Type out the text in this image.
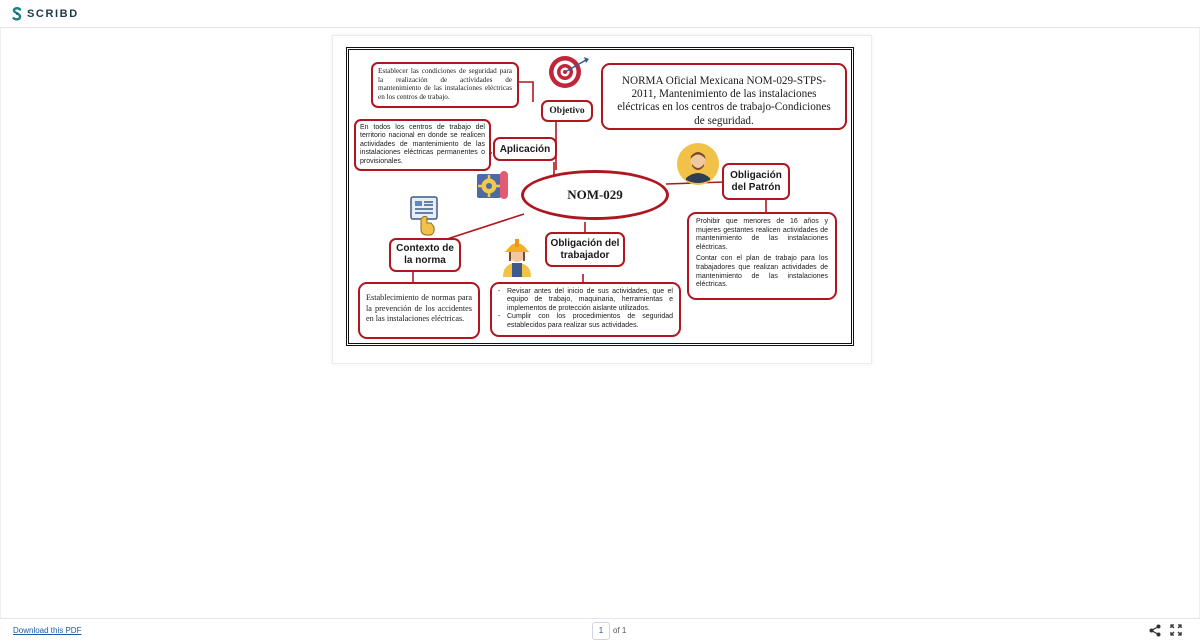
SCRIBD
Establecer las condiciones de seguridad para la realización de actividades de mantenimiento de las instalaciones eléctricas en los centros de trabajo.
Objetivo
NORMA Oficial Mexicana NOM-029-STPS-2011, Mantenimiento de las instalaciones eléctricas en los centros de trabajo-Condiciones de seguridad.
En todos los centros de trabajo del territorio nacional en donde se realicen actividades de mantenimiento de las instalaciones eléctricas permanentes o provisionales.
Aplicación
NOM-029
Obligación del Patrón
Prohibir que menores de 16 años y mujeres gestantes realicen actividades de mantenimiento de las instalaciones eléctricas.
Contar con el plan de trabajo para los trabajadores que realizan actividades de mantenimiento de las instalaciones eléctricas.
Contexto de la norma
Obligación del trabajador
- Revisar antes del inicio de sus actividades, que el equipo de trabajo, maquinaria, herramientas e implementos de protección aislante utilizados.
- Cumplir con los procedimientos de seguridad establecidos para realizar sus actividades.
Establecimiento de normas para la prevención de los accidentes en las instalaciones eléctricas.
Download this PDF	1	of 1
